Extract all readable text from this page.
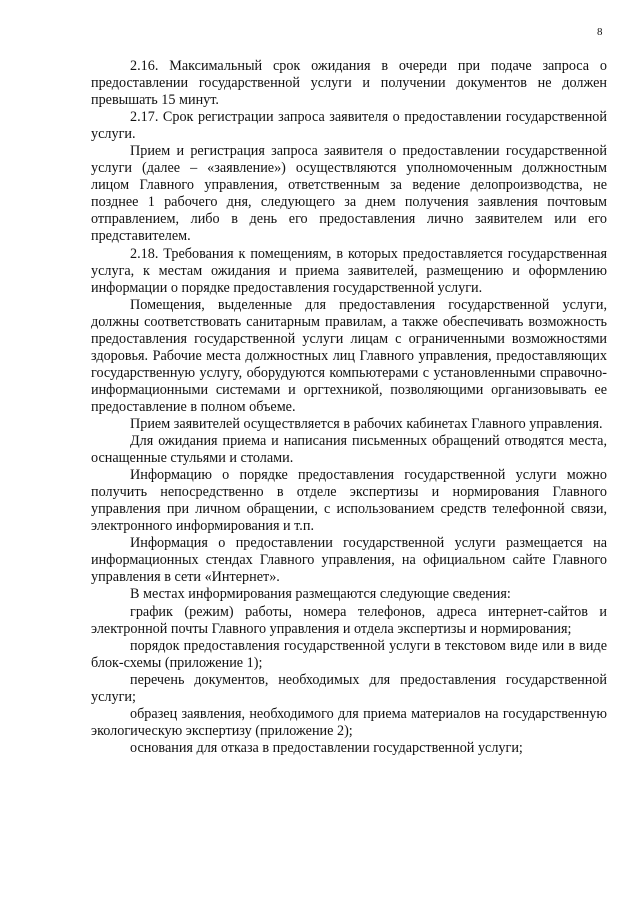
8

2.16. Максимальный срок ожидания в очереди при подаче запроса о предоставлении государственной услуги и получении документов не должен превышать 15 минут.

2.17. Срок регистрации запроса заявителя о предоставлении государственной услуги.

Прием и регистрация запроса заявителя о предоставлении государственной услуги (далее – «заявление») осуществляются уполномоченным должностным лицом Главного управления, ответственным за ведение делопроизводства, не позднее 1 рабочего дня, следующего за днем получения заявления почтовым отправлением, либо в день его предоставления лично заявителем или его представителем.

2.18. Требования к помещениям, в которых предоставляется государственная услуга, к местам ожидания и приема заявителей, размещению и оформлению информации о порядке предоставления государственной услуги.

Помещения, выделенные для предоставления государственной услуги, должны соответствовать санитарным правилам, а также обеспечивать возможность предоставления государственной услуги лицам с ограниченными возможностями здоровья. Рабочие места должностных лиц Главного управления, предоставляющих государственную услугу, оборудуются компьютерами с установленными справочно-информационными системами и оргтехникой, позволяющими организовывать ее предоставление в полном объеме.

Прием заявителей осуществляется в рабочих кабинетах Главного управления.

Для ожидания приема и написания письменных обращений отводятся места, оснащенные стульями и столами.

Информацию о порядке предоставления государственной услуги можно получить непосредственно в отделе экспертизы и нормирования Главного управления при личном обращении, с использованием средств телефонной связи, электронного информирования и т.п.

Информация о предоставлении государственной услуги размещается на информационных стендах Главного управления, на официальном сайте Главного управления в сети «Интернет».

В местах информирования размещаются следующие сведения:

график (режим) работы, номера телефонов, адреса интернет-сайтов и электронной почты Главного управления и отдела экспертизы и нормирования;

порядок предоставления государственной услуги в текстовом виде или в виде блок-схемы (приложение 1);

перечень документов, необходимых для предоставления государственной услуги;

образец заявления, необходимого для приема материалов на государственную экологическую экспертизу (приложение 2);

основания для отказа в предоставлении государственной услуги;
